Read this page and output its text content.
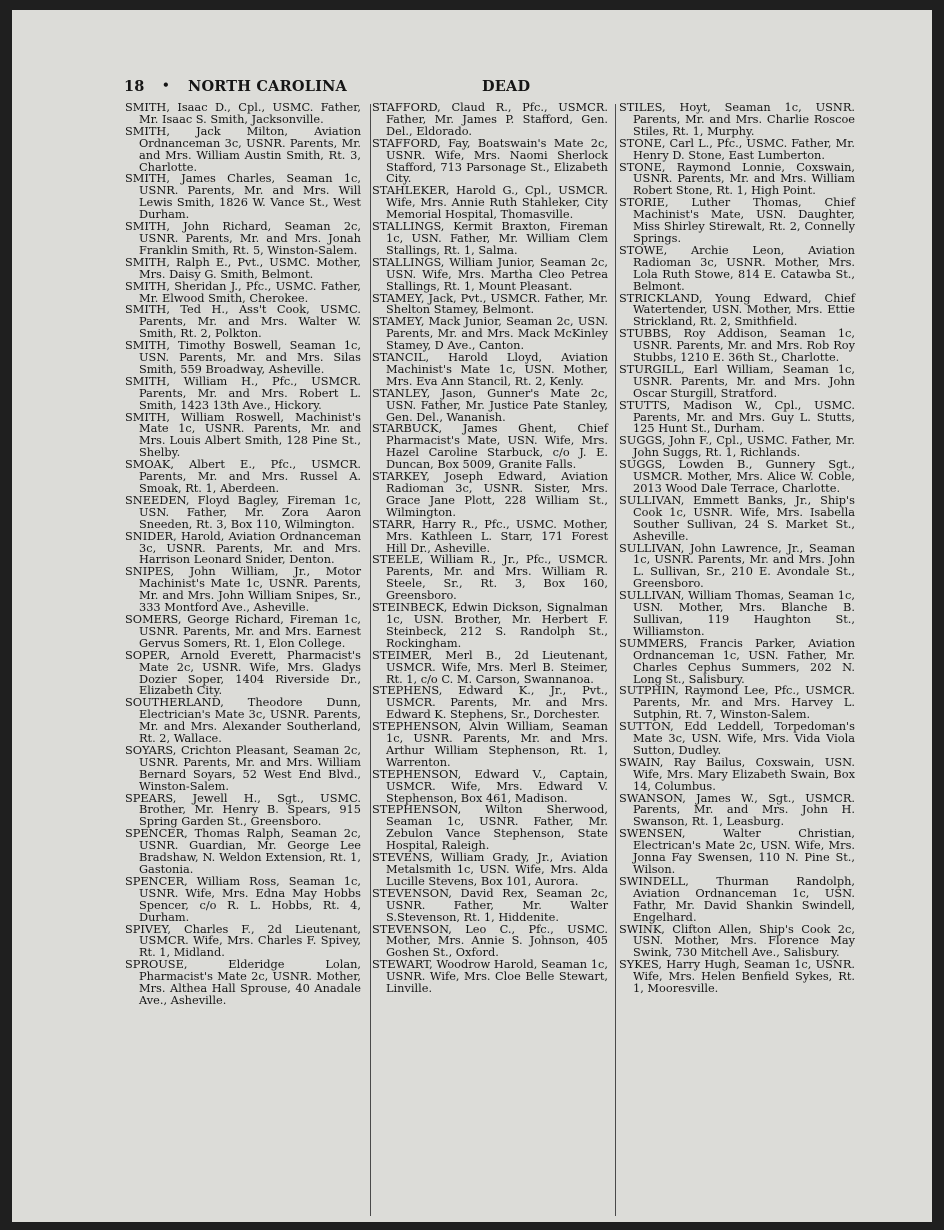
18 • NORTH CAROLINA	DEAD
SMITH, Isaac D., Cpl., USMC. Father, Mr. Isaac S. Smith, Jacksonville.
SMITH, Jack Milton, Aviation Ordnanceman 3c, USNR. Parents, Mr. and Mrs. William Austin Smith, Rt. 3, Charlotte.
SMITH, James Charles, Seaman 1c, USNR. Parents, Mr. and Mrs. Will Lewis Smith, 1826 W. Vance St., West Durham.
SMITH, John Richard, Seaman 2c, USNR. Parents, Mr. and Mrs. Jonah Franklin Smith, Rt. 5, Winston-Salem.
SMITH, Ralph E., Pvt., USMC. Mother, Mrs. Daisy G. Smith, Belmont.
SMITH, Sheridan J., Pfc., USMC. Father, Mr. Elwood Smith, Cherokee.
SMITH, Ted H., Ass't Cook, USMC. Parents, Mr. and Mrs. Walter W. Smith, Rt. 2, Polkton.
SMITH, Timothy Boswell, Seaman 1c, USN. Parents, Mr. and Mrs. Silas Smith, 559 Broadway, Asheville.
SMITH, William H., Pfc., USMCR. Parents, Mr. and Mrs. Robert L. Smith, 1423 13th Ave., Hickory.
SMITH, William Roswell, Machinist's Mate 1c, USNR. Parents, Mr. and Mrs. Louis Albert Smith, 128 Pine St., Shelby.
SMOAK, Albert E., Pfc., USMCR. Parents, Mr. and Mrs. Russel A. Smoak, Rt. 1, Aberdeen.
SNEEDEN, Floyd Bagley, Fireman 1c, USN. Father, Mr. Zora Aaron Sneeden, Rt. 3, Box 110, Wilmington.
SNIDER, Harold, Aviation Ordnanceman 3c, USNR. Parents, Mr. and Mrs. Harrison Leonard Snider, Denton.
SNIPES, John William, Jr., Motor Machinist's Mate 1c, USNR. Parents, Mr. and Mrs. John William Snipes, Sr., 333 Montford Ave., Asheville.
SOMERS, George Richard, Fireman 1c, USNR. Parents, Mr. and Mrs. Earnest Gervus Somers, Rt. 1, Elon College.
SOPER, Arnold Everett, Pharmacist's Mate 2c, USNR. Wife, Mrs. Gladys Dozier Soper, 1404 Riverside Dr., Elizabeth City.
SOUTHERLAND, Theodore Dunn, Electrician's Mate 3c, USNR. Parents, Mr. and Mrs. Alexander Southerland, Rt. 2, Wallace.
SOYARS, Crichton Pleasant, Seaman 2c, USNR. Parents, Mr. and Mrs. William Bernard Soyars, 52 West End Blvd., Winston-Salem.
SPEARS, Jewell H., Sgt., USMC. Brother, Mr. Henry B. Spears, 915 Spring Garden St., Greensboro.
SPENCER, Thomas Ralph, Seaman 2c, USNR. Guardian, Mr. George Lee Bradshaw, N. Weldon Extension, Rt. 1, Gastonia.
SPENCER, William Ross, Seaman 1c, USNR. Wife, Mrs. Edna May Hobbs Spencer, c/o R. L. Hobbs, Rt. 4, Durham.
SPIVEY, Charles F., 2d Lieutenant, USMCR. Wife, Mrs. Charles F. Spivey, Rt. 1, Midland.
SPROUSE, Elderidge Lolan, Pharmacist's Mate 2c, USNR. Mother, Mrs. Althea Hall Sprouse, 40 Anadale Ave., Asheville.
STAFFORD, Claud R., Pfc., USMCR. Father, Mr. James P. Stafford, Gen. Del., Eldorado.
STAFFORD, Fay, Boatswain's Mate 2c, USNR. Wife, Mrs. Naomi Sherlock Stafford, 713 Parsonage St., Elizabeth City.
STAHLEKER, Harold G., Cpl., USMCR. Wife, Mrs. Annie Ruth Stahleker, City Memorial Hospital, Thomasville.
STALLINGS, Kermit Braxton, Fireman 1c, USN. Father, Mr. William Clem Stallings, Rt. 1, Salma.
STALLINGS, William Junior, Seaman 2c, USN. Wife, Mrs. Martha Cleo Petrea Stallings, Rt. 1, Mount Pleasant.
STAMEY, Jack, Pvt., USMCR. Father, Mr. Shelton Stamey, Belmont.
STAMEY, Mack Junior, Seaman 2c, USN. Parents, Mr. and Mrs. Mack McKinley Stamey, D Ave., Canton.
STANCIL, Harold Lloyd, Aviation Machinist's Mate 1c, USN. Mother, Mrs. Eva Ann Stancil, Rt. 2, Kenly.
STANLEY, Jason, Gunner's Mate 2c, USN. Father, Mr. Justice Pate Stanley, Gen. Del., Wananish.
STARBUCK, James Ghent, Chief Pharmacist's Mate, USN. Wife, Mrs. Hazel Caroline Starbuck, c/o J. E. Duncan, Box 5009, Granite Falls.
STARKEY, Joseph Edward, Aviation Radioman 3c, USNR. Sister, Mrs. Grace Jane Plott, 228 William St., Wilmington.
STARR, Harry R., Pfc., USMC. Mother, Mrs. Kathleen L. Starr, 171 Forest Hill Dr., Asheville.
STEELE, William R., Jr., Pfc., USMCR. Parents, Mr. and Mrs. William R. Steele, Sr., Rt. 3, Box 160, Greensboro.
STEINBECK, Edwin Dickson, Signalman 1c, USN. Brother, Mr. Herbert F. Steinbeck, 212 S. Randolph St., Rockingham.
STEIMER, Merl B., 2d Lieutenant, USMCR. Wife, Mrs. Merl B. Steimer, Rt. 1, c/o C. M. Carson, Swannanoa.
STEPHENS, Edward K., Jr., Pvt., USMCR. Parents, Mr. and Mrs. Edward K. Stephens, Sr., Dorchester.
STEPHENSON, Alvin William, Seaman 1c, USNR. Parents, Mr. and Mrs. Arthur William Stephenson, Rt. 1, Warrenton.
STEPHENSON, Edward V., Captain, USMCR. Wife, Mrs. Edward V. Stephenson, Box 461, Madison.
STEPHENSON, Wilton Sherwood, Seaman 1c, USNR. Father, Mr. Zebulon Vance Stephenson, State Hospital, Raleigh.
STEVENS, William Grady, Jr., Aviation Metalsmith 1c, USN. Wife, Mrs. Alda Lucille Stevens, Box 101, Aurora.
STEVENSON, David Rex, Seaman 2c, USNR. Father, Mr. Walter S.Stevenson, Rt. 1, Hiddenite.
STEVENSON, Leo C., Pfc., USMC. Mother, Mrs. Annie S. Johnson, 405 Goshen St., Oxford.
STEWART, Woodrow Harold, Seaman 1c, USNR. Wife, Mrs. Cloe Belle Stewart, Linville.
STILES, Hoyt, Seaman 1c, USNR. Parents, Mr. and Mrs. Charlie Roscoe Stiles, Rt. 1, Murphy.
STONE, Carl L., Pfc., USMC. Father, Mr. Henry D. Stone, East Lumberton.
STONE, Raymond Lonnie, Coxswain, USNR. Parents, Mr. and Mrs. William Robert Stone, Rt. 1, High Point.
STORIE, Luther Thomas, Chief Machinist's Mate, USN. Daughter, Miss Shirley Stirewalt, Rt. 2, Connelly Springs.
STOWE, Archie Leon, Aviation Radioman 3c, USNR. Mother, Mrs. Lola Ruth Stowe, 814 E. Catawba St., Belmont.
STRICKLAND, Young Edward, Chief Watertender, USN. Mother, Mrs. Ettie Strickland, Rt. 2, Smithfield.
STUBBS, Roy Addison, Seaman 1c, USNR. Parents, Mr. and Mrs. Rob Roy Stubbs, 1210 E. 36th St., Charlotte.
STURGILL, Earl William, Seaman 1c, USNR. Parents, Mr. and Mrs. John Oscar Sturgill, Stratford.
STUTTS, Madison W., Cpl., USMC. Parents, Mr. and Mrs. Guy L. Stutts, 125 Hunt St., Durham.
SUGGS, John F., Cpl., USMC. Father, Mr. John Suggs, Rt. 1, Richlands.
SUGGS, Lowden B., Gunnery Sgt., USMCR. Mother, Mrs. Alice W. Coble, 2013 Wood Dale Terrace, Charlotte.
SULLIVAN, Emmett Banks, Jr., Ship's Cook 1c, USNR. Wife, Mrs. Isabella Souther Sullivan, 24 S. Market St., Asheville.
SULLIVAN, John Lawrence, Jr., Seaman 1c, USNR. Parents, Mr. and Mrs. John L. Sullivan, Sr., 210 E. Avondale St., Greensboro.
SULLIVAN, William Thomas, Seaman 1c, USN. Mother, Mrs. Blanche B. Sullivan, 119 Haughton St., Williamston.
SUMMERS, Francis Parker, Aviation Ordnanceman 1c, USN. Father, Mr. Charles Cephus Summers, 202 N. Long St., Salisbury.
SUTPHIN, Raymond Lee, Pfc., USMCR. Parents, Mr. and Mrs. Harvey L. Sutphin, Rt. 7, Winston-Salem.
SUTTON, Edd Leddell, Torpedoman's Mate 3c, USN. Wife, Mrs. Vida Viola Sutton, Dudley.
SWAIN, Ray Bailus, Coxswain, USN. Wife, Mrs. Mary Elizabeth Swain, Box 14, Columbus.
SWANSON, James W., Sgt., USMCR. Parents, Mr. and Mrs. John H. Swanson, Rt. 1, Leasburg.
SWENSEN, Walter Christian, Electrican's Mate 2c, USN. Wife, Mrs. Jonna Fay Swensen, 110 N. Pine St., Wilson.
SWINDELL, Thurman Randolph, Aviation Ordnanceman 1c, USN. Fathr, Mr. David Shankin Swindell, Engelhard.
SWINK, Clifton Allen, Ship's Cook 2c, USN. Mother, Mrs. Florence May Swink, 730 Mitchell Ave., Salisbury.
SYKES, Harry Hugh, Seaman 1c, USNR. Wife, Mrs. Helen Benfield Sykes, Rt. 1, Mooresville.
